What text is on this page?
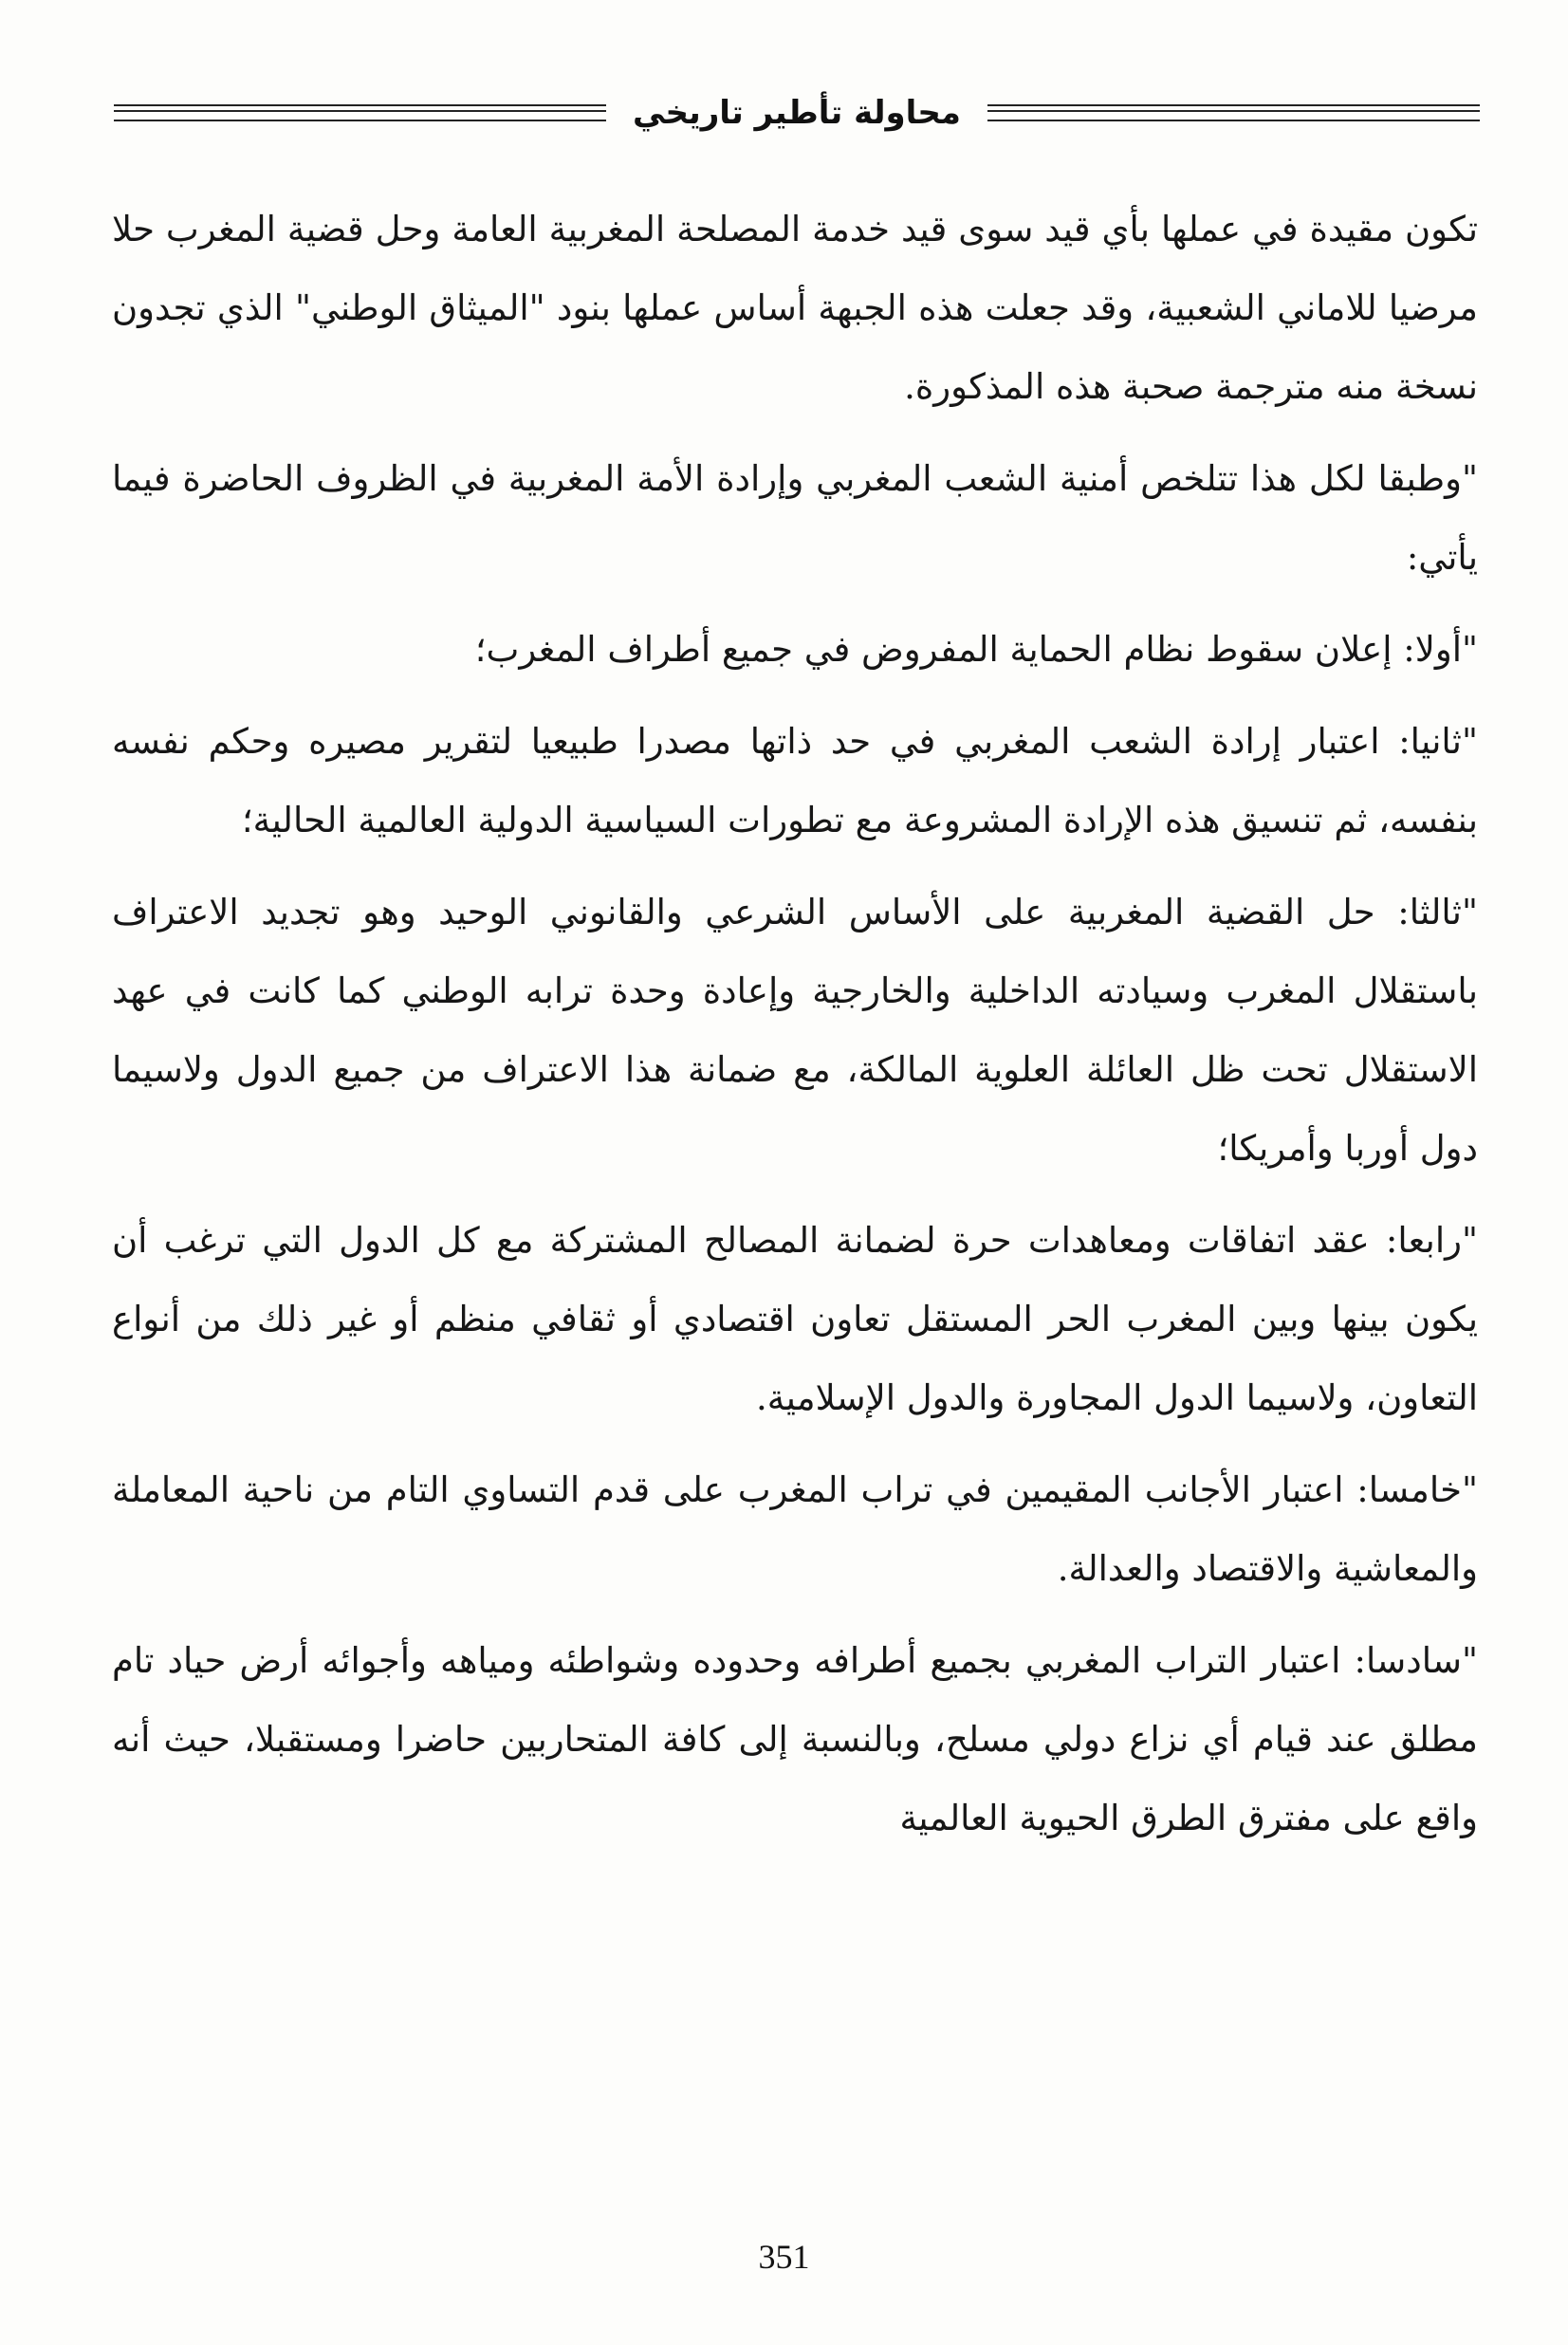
محاولة تأطير تاريخي

تكون مقيدة في عملها بأي قيد سوى قيد خدمة المصلحة المغربية العامة وحل قضية المغرب حلا مرضيا للاماني الشعبية، وقد جعلت هذه الجبهة أساس عملها بنود "الميثاق الوطني" الذي تجدون نسخة منه مترجمة صحبة هذه المذكورة.

"وطبقا لكل هذا تتلخص أمنية الشعب المغربي وإرادة الأمة المغربية في الظروف الحاضرة فيما يأتي:

"أولا: إعلان سقوط نظام الحماية المفروض في جميع أطراف المغرب؛

"ثانيا: اعتبار إرادة الشعب المغربي في حد ذاتها مصدرا طبيعيا لتقرير مصيره وحكم نفسه بنفسه، ثم تنسيق هذه الإرادة المشروعة مع تطورات السياسية الدولية العالمية الحالية؛

"ثالثا: حل القضية المغربية على الأساس الشرعي والقانوني الوحيد وهو تجديد الاعتراف باستقلال المغرب وسيادته الداخلية والخارجية وإعادة وحدة ترابه الوطني كما كانت في عهد الاستقلال تحت ظل العائلة العلوية المالكة، مع ضمانة هذا الاعتراف من جميع الدول ولاسيما دول أوربا وأمريكا؛

"رابعا: عقد اتفاقات ومعاهدات حرة لضمانة المصالح المشتركة مع كل الدول التي ترغب أن يكون بينها وبين المغرب الحر المستقل تعاون اقتصادي أو ثقافي منظم أو غير ذلك من أنواع التعاون، ولاسيما الدول المجاورة والدول الإسلامية.

"خامسا: اعتبار الأجانب المقيمين في تراب المغرب على قدم التساوي التام من ناحية المعاملة والمعاشية والاقتصاد والعدالة.

"سادسا: اعتبار التراب المغربي بجميع أطرافه وحدوده وشواطئه ومياهه وأجوائه أرض حياد تام مطلق عند قيام أي نزاع دولي مسلح، وبالنسبة إلى كافة المتحاربين حاضرا ومستقبلا، حيث أنه واقع على مفترق الطرق الحيوية العالمية

351
